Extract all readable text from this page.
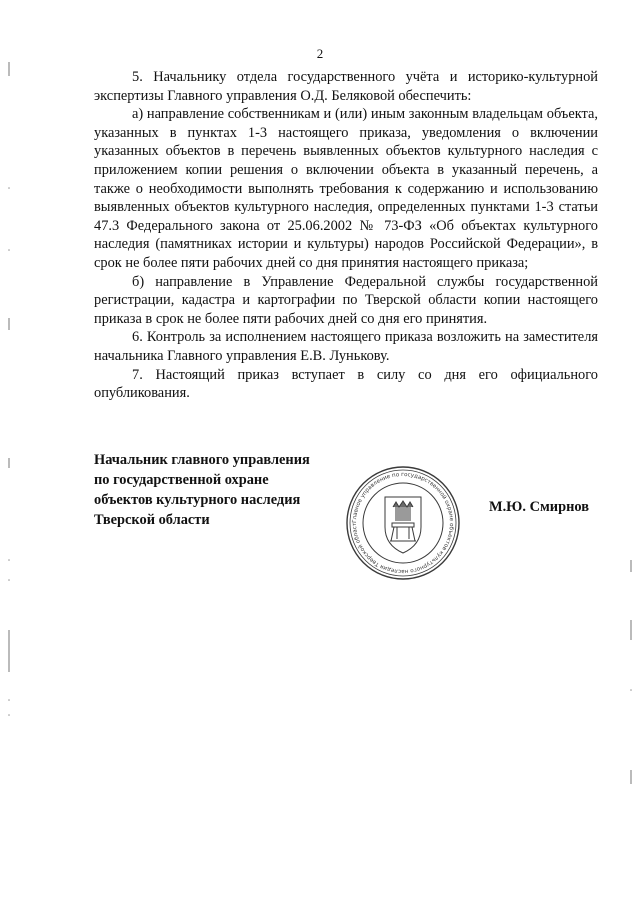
2

5. Начальнику отдела государственного учёта и историко-культурной экспертизы Главного управления О.Д. Беляковой обеспечить:

а) направление собственникам и (или) иным законным владельцам объекта, указанных в пунктах 1-3 настоящего приказа, уведомления о включении указанных объектов в перечень выявленных объектов культурного наследия с приложением копии решения о включении объекта в указанный перечень, а также о необходимости выполнять требования к содержанию и использованию выявленных объектов культурного наследия, определенных пунктами 1-3 статьи 47.3 Федерального закона от 25.06.2002 № 73-ФЗ «Об объектах культурного наследия (памятниках истории и культуры) народов Российской Федерации», в срок не более пяти рабочих дней со дня принятия настоящего приказа;

б) направление в Управление Федеральной службы государственной регистрации, кадастра и картографии по Тверской области копии настоящего приказа в срок не более пяти рабочих дней со дня его принятия.

6. Контроль за исполнением настоящего приказа возложить на заместителя начальника Главного управления Е.В. Лунькову.

7. Настоящий приказ вступает в силу со дня его официального опубликования.

Начальник главного управления
по государственной охране
объектов культурного наследия
Тверской области	Главное управление по государственной охране объектов культурного наследия Тверской област
М.Ю. Смирнов
